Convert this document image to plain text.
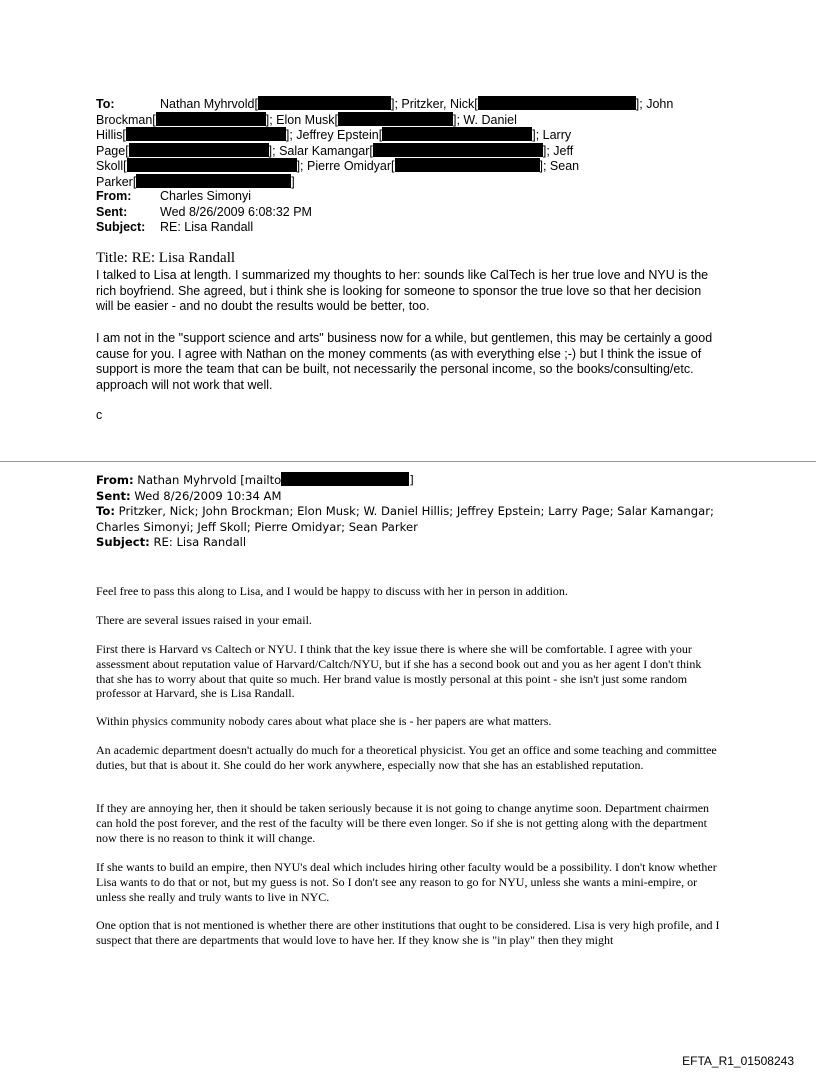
To:	Nathan Myhrvold[	]; Pritzker, Nick[	]; John
Brockman[	]; Elon Musk[	]; W. Daniel
Hillis[	]; Jeffrey Epstein[	]; Larry
Page[	]; Salar Kamangar[	]; Jeff
Skoll[	]; Pierre Omidyar[	]; Sean
Parker[	]
From: Charles Simonyi
Sent:	Wed 8/26/2009 6:08:32 PM
Subject: RE: Lisa Randall
Title: RE: Lisa Randall

I talked to Lisa at length. I summarized my thoughts to her: sounds like CalTech is her true love and NYU is the rich boyfriend. She agreed, but i think she is looking for someone to sponsor the true love so that her decision will be easier - and no doubt the results would be better, too.

I am not in the "support science and arts" business now for a while, but gentlemen, this may be certainly a good cause for you. I agree with Nathan on the money comments (as with everything else ;-) but I think the issue of support is more the team that can be built, not necessarily the personal income, so the books/consulting/etc. approach will not work that well.

c

From: Nathan Myhrvold [mailto	]
Sent: Wed 8/26/2009 10:34 AM
To: Pritzker, Nick; John Brockman; Elon Musk; W. Daniel Hillis; Jeffrey Epstein; Larry Page; Salar Kamangar; Charles Simonyi; Jeff Skoll; Pierre Omidyar; Sean Parker
Subject: RE: Lisa Randall

Feel free to pass this along to Lisa, and I would be happy to discuss with her in person in addition.

There are several issues raised in your email.

First there is Harvard vs Caltech or NYU. I think that the key issue there is where she will be comfortable. I agree with your assessment about reputation value of Harvard/Caltch/NYU, but if she has a second book out and you as her agent I don't think that she has to worry about that quite so much. Her brand value is mostly personal at this point - she isn't just some random professor at Harvard, she is Lisa Randall.

Within physics community nobody cares about what place she is - her papers are what matters.

An academic department doesn't actually do much for a theoretical physicist. You get an office and some teaching and committee duties, but that is about it. She could do her work anywhere, especially now that she has an established reputation.

If they are annoying her, then it should be taken seriously because it is not going to change anytime soon. Department chairmen can hold the post forever, and the rest of the faculty will be there even longer. So if she is not getting along with the department now there is no reason to think it will change.

If she wants to build an empire, then NYU's deal which includes hiring other faculty would be a possibility. I don't know whether Lisa wants to do that or not, but my guess is not. So I don't see any reason to go for NYU, unless she wants a mini-empire, or unless she really and truly wants to live in NYC.

One option that is not mentioned is whether there are other institutions that ought to be considered. Lisa is very high profile, and I suspect that there are departments that would love to have her. If they know she is "in play" then they might

EFTA_R1_01508243
